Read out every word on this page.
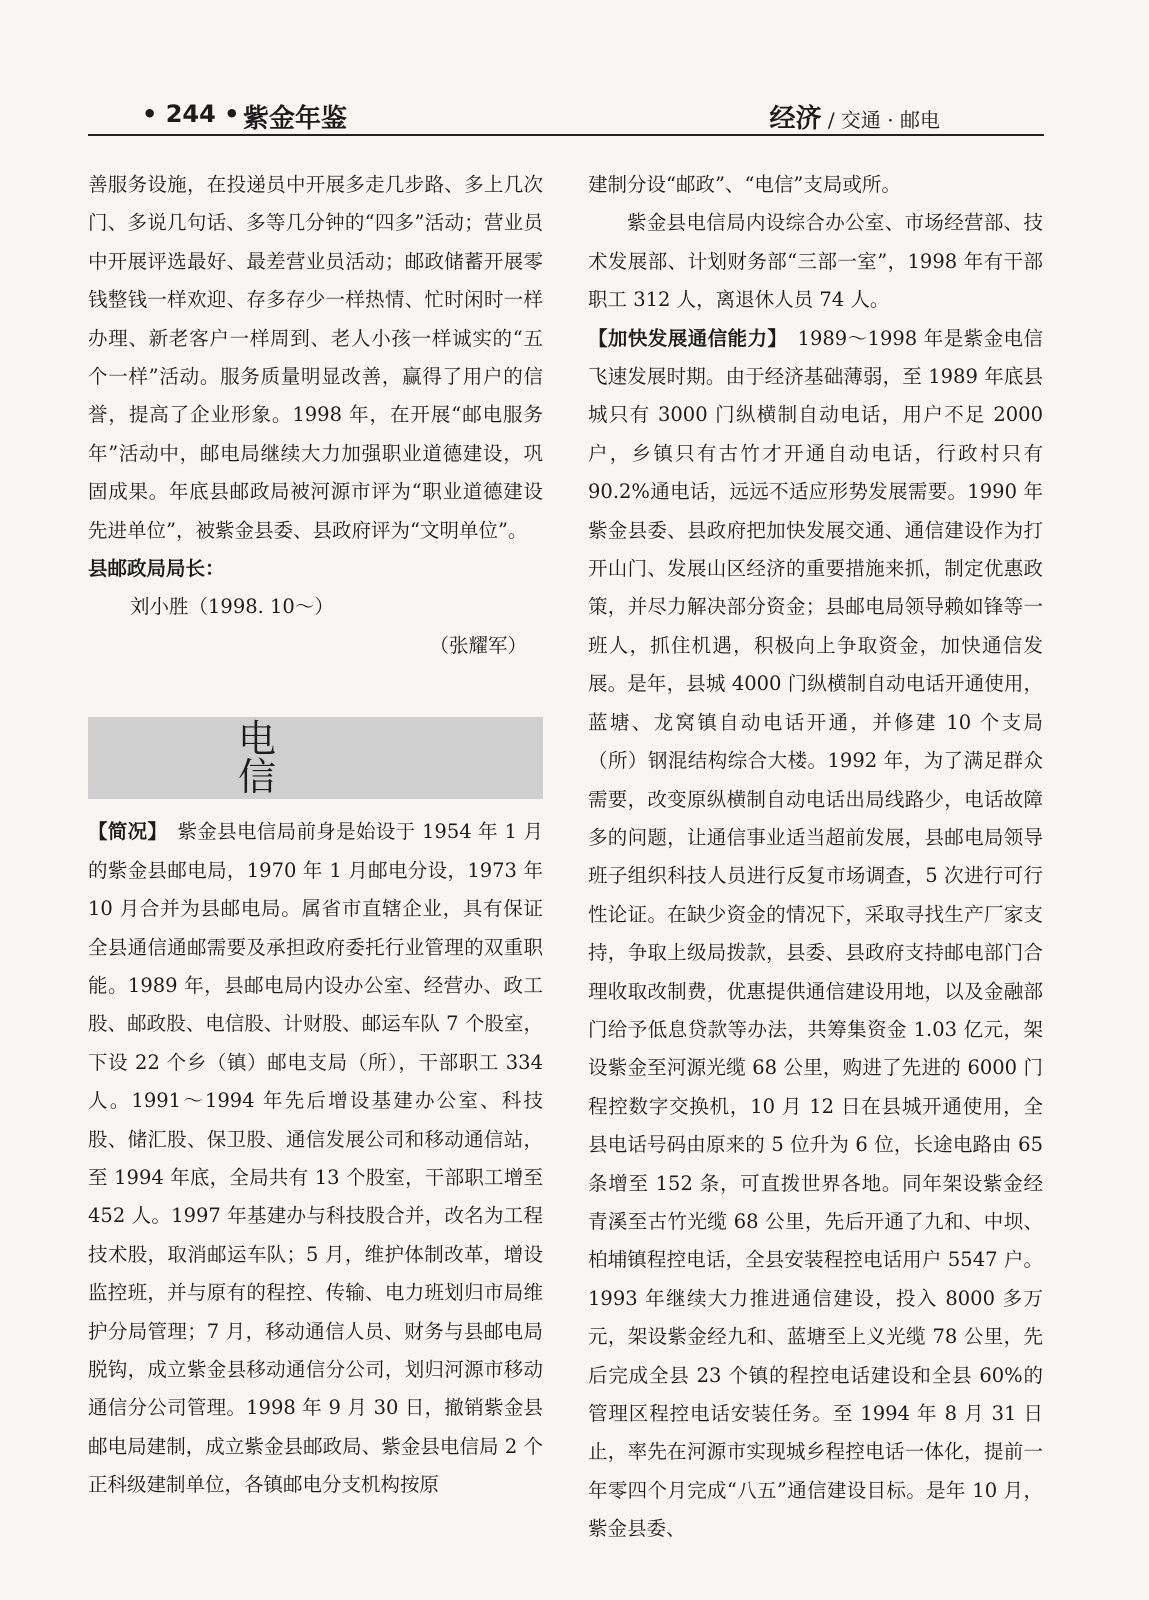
• 244 • 紫金年鉴	经济 / 交通 · 邮电

善服务设施，在投递员中开展多走几步路、多上几次门、多说几句话、多等几分钟的“四多”活动；营业员中开展评选最好、最差营业员活动；邮政储蓄开展零钱整钱一样欢迎、存多存少一样热情、忙时闲时一样办理、新老客户一样周到、老人小孩一样诚实的“五个一样”活动。服务质量明显改善，赢得了用户的信誉，提高了企业形象。1998 年，在开展“邮电服务年”活动中，邮电局继续大力加强职业道德建设，巩固成果。年底县邮政局被河源市评为“职业道德建设先进单位”，被紫金县委、县政府评为“文明单位”。

县邮政局局长：

刘小胜（1998. 10～）

（张耀军）

电信

【简况】　 紫金县电信局前身是始设于 1954 年 1 月的紫金县邮电局，1970 年 1 月邮电分设，1973 年 10 月合并为县邮电局。属省市直辖企业，具有保证全县通信通邮需要及承担政府委托行业管理的双重职能。1989 年，县邮电局内设办公室、经营办、政工股、邮政股、电信股、计财股、邮运车队 7 个股室，下设 22 个乡（镇）邮电支局（所），干部职工 334 人。1991～1994 年先后增设基建办公室、科技股、储汇股、保卫股、通信发展公司和移动通信站，至 1994 年底，全局共有 13 个股室，干部职工增至 452 人。1997 年基建办与科技股合并，改名为工程技术股，取消邮运车队；5 月，维护体制改革，增设监控班，并与原有的程控、传输、电力班划归市局维护分局管理；7 月，移动通信人员、财务与县邮电局脱钩，成立紫金县移动通信分公司，划归河源市移动通信分公司管理。1998 年 9 月 30 日，撤销紫金县邮电局建制，成立紫金县邮政局、紫金县电信局 2 个正科级建制单位，各镇邮电分支机构按原

建制分设“邮政”、“电信”支局或所。

紫金县电信局内设综合办公室、市场经营部、技术发展部、计划财务部“三部一室”，1998 年有干部职工 312 人，离退休人员 74 人。

【加快发展通信能力】　 1989～1998 年是紫金电信飞速发展时期。由于经济基础薄弱，至 1989 年底县城只有 3000 门纵横制自动电话，用户不足 2000 户，乡镇只有古竹才开通自动电话，行政村只有 90.2%通电话，远远不适应形势发展需要。1990 年紫金县委、县政府把加快发展交通、通信建设作为打开山门、发展山区经济的重要措施来抓，制定优惠政策，并尽力解决部分资金；县邮电局领导赖如锋等一班人，抓住机遇，积极向上争取资金，加快通信发展。是年，县城 4000 门纵横制自动电话开通使用，蓝塘、龙窝镇自动电话开通，并修建 10 个支局（所）钢混结构综合大楼。1992 年，为了满足群众需要，改变原纵横制自动电话出局线路少，电话故障多的问题，让通信事业适当超前发展，县邮电局领导班子组织科技人员进行反复市场调查，5 次进行可行性论证。在缺少资金的情况下，采取寻找生产厂家支持，争取上级局拨款，县委、县政府支持邮电部门合理收取改制费，优惠提供通信建设用地，以及金融部门给予低息贷款等办法，共筹集资金 1.03 亿元，架设紫金至河源光缆 68 公里，购进了先进的 6000 门程控数字交换机，10 月 12 日在县城开通使用，全县电话号码由原来的 5 位升为 6 位，长途电路由 65 条增至 152 条，可直拨世界各地。同年架设紫金经青溪至古竹光缆 68 公里，先后开通了九和、中坝、柏埔镇程控电话，全县安装程控电话用户 5547 户。1993 年继续大力推进通信建设，投入 8000 多万元，架设紫金经九和、蓝塘至上义光缆 78 公里，先后完成全县 23 个镇的程控电话建设和全县 60%的管理区程控电话安装任务。至 1994 年 8 月 31 日止，率先在河源市实现城乡程控电话一体化，提前一年零四个月完成“八五”通信建设目标。是年 10 月，紫金县委、
